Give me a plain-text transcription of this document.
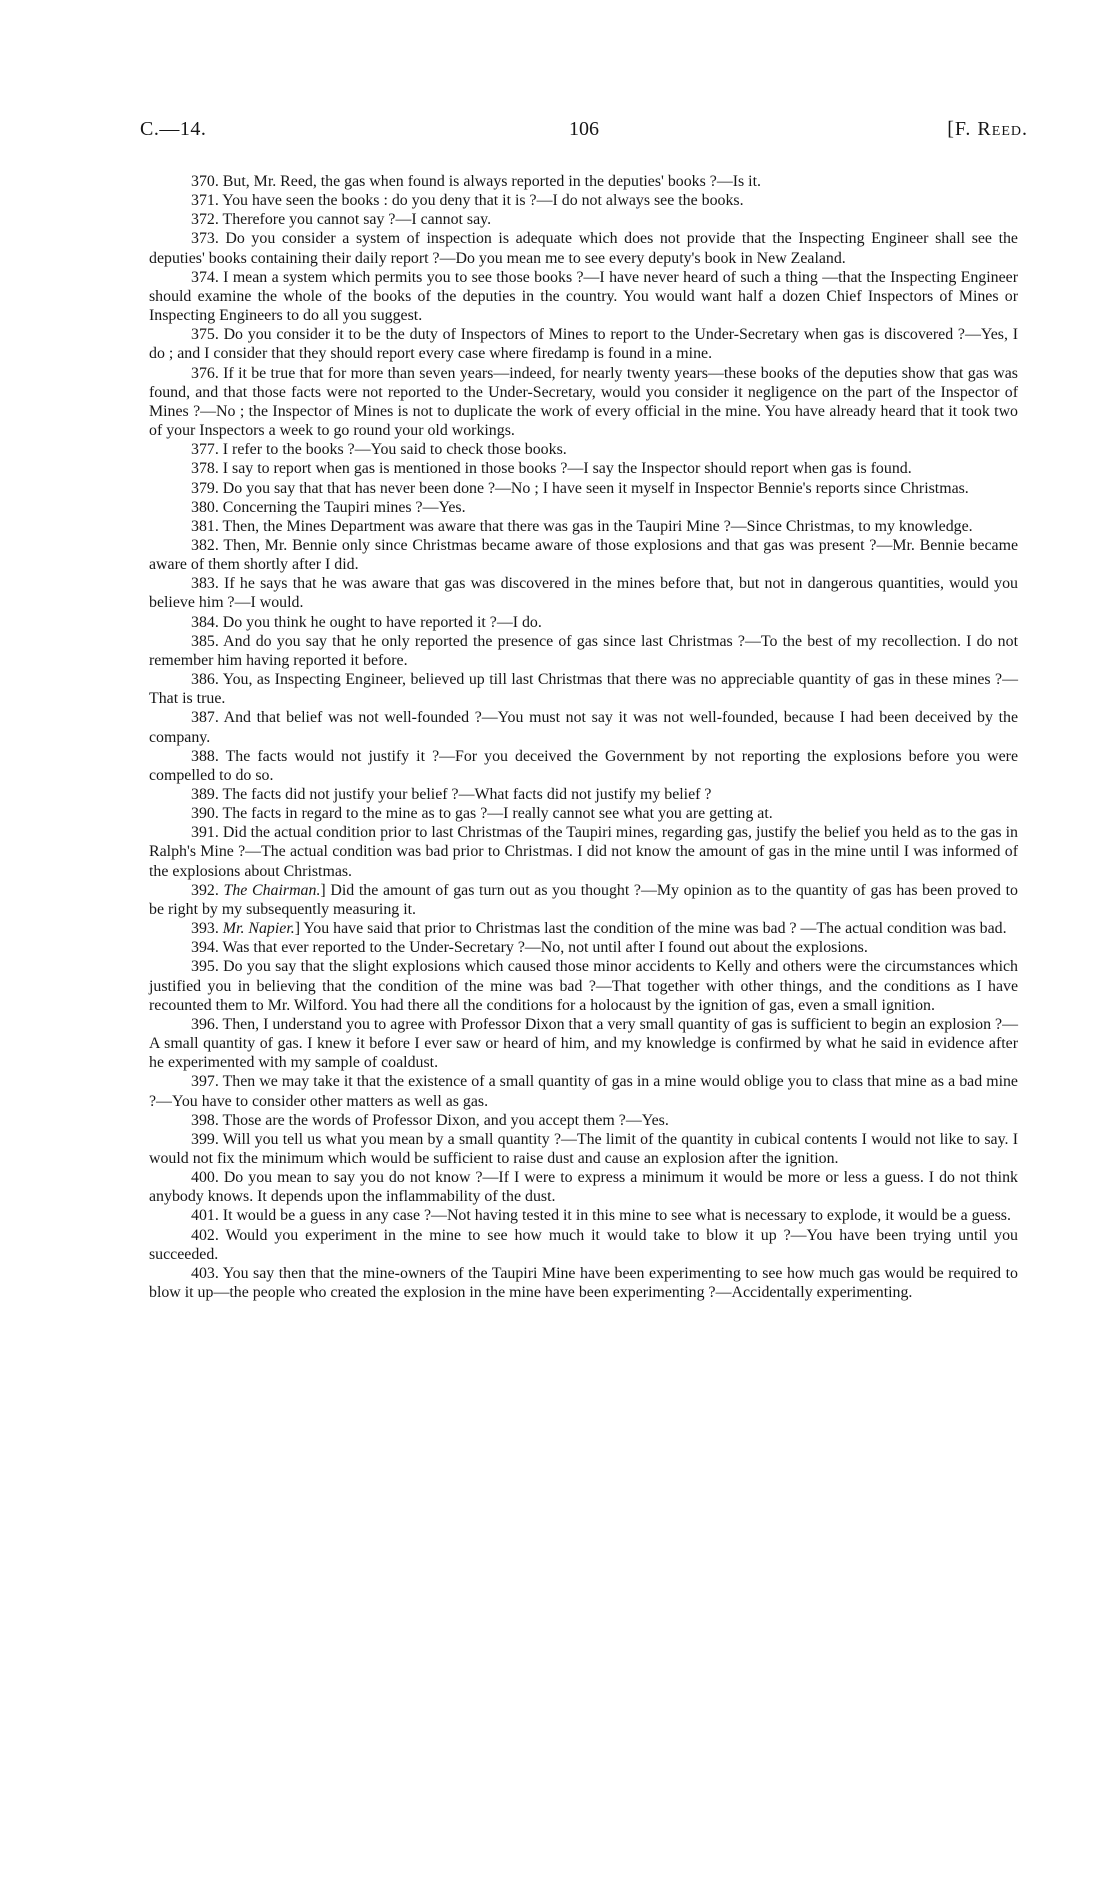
C.—14.	106	[F. Reed.

370. But, Mr. Reed, the gas when found is always reported in the deputies' books ?—Is it.

371. You have seen the books : do you deny that it is ?—I do not always see the books.

372. Therefore you cannot say ?—I cannot say.

373. Do you consider a system of inspection is adequate which does not provide that the Inspecting Engineer shall see the deputies' books containing their daily report ?—Do you mean me to see every deputy's book in New Zealand.

374. I mean a system which permits you to see those books ?—I have never heard of such a thing —that the Inspecting Engineer should examine the whole of the books of the deputies in the country. You would want half a dozen Chief Inspectors of Mines or Inspecting Engineers to do all you suggest.

375. Do you consider it to be the duty of Inspectors of Mines to report to the Under-Secretary when gas is discovered ?—Yes, I do ; and I consider that they should report every case where firedamp is found in a mine.

376. If it be true that for more than seven years—indeed, for nearly twenty years—these books of the deputies show that gas was found, and that those facts were not reported to the Under-Secretary, would you consider it negligence on the part of the Inspector of Mines ?—No ; the Inspector of Mines is not to duplicate the work of every official in the mine. You have already heard that it took two of your Inspectors a week to go round your old workings.

377. I refer to the books ?—You said to check those books.

378. I say to report when gas is mentioned in those books ?—I say the Inspector should report when gas is found.

379. Do you say that that has never been done ?—No ; I have seen it myself in Inspector Bennie's reports since Christmas.

380. Concerning the Taupiri mines ?—Yes.

381. Then, the Mines Department was aware that there was gas in the Taupiri Mine ?—Since Christmas, to my knowledge.

382. Then, Mr. Bennie only since Christmas became aware of those explosions and that gas was present ?—Mr. Bennie became aware of them shortly after I did.

383. If he says that he was aware that gas was discovered in the mines before that, but not in dangerous quantities, would you believe him ?—I would.

384. Do you think he ought to have reported it ?—I do.

385. And do you say that he only reported the presence of gas since last Christmas ?—To the best of my recollection. I do not remember him having reported it before.

386. You, as Inspecting Engineer, believed up till last Christmas that there was no appreciable quantity of gas in these mines ?—That is true.

387. And that belief was not well-founded ?—You must not say it was not well-founded, because I had been deceived by the company.

388. The facts would not justify it ?—For you deceived the Government by not reporting the explosions before you were compelled to do so.

389. The facts did not justify your belief ?—What facts did not justify my belief ?

390. The facts in regard to the mine as to gas ?—I really cannot see what you are getting at.

391. Did the actual condition prior to last Christmas of the Taupiri mines, regarding gas, justify the belief you held as to the gas in Ralph's Mine ?—The actual condition was bad prior to Christmas. I did not know the amount of gas in the mine until I was informed of the explosions about Christmas.

392. The Chairman.] Did the amount of gas turn out as you thought ?—My opinion as to the quantity of gas has been proved to be right by my subsequently measuring it.

393. Mr. Napier.] You have said that prior to Christmas last the condition of the mine was bad ? —The actual condition was bad.

394. Was that ever reported to the Under-Secretary ?—No, not until after I found out about the explosions.

395. Do you say that the slight explosions which caused those minor accidents to Kelly and others were the circumstances which justified you in believing that the condition of the mine was bad ?—That together with other things, and the conditions as I have recounted them to Mr. Wilford. You had there all the conditions for a holocaust by the ignition of gas, even a small ignition.

396. Then, I understand you to agree with Professor Dixon that a very small quantity of gas is sufficient to begin an explosion ?—A small quantity of gas. I knew it before I ever saw or heard of him, and my knowledge is confirmed by what he said in evidence after he experimented with my sample of coaldust.

397. Then we may take it that the existence of a small quantity of gas in a mine would oblige you to class that mine as a bad mine ?—You have to consider other matters as well as gas.

398. Those are the words of Professor Dixon, and you accept them ?—Yes.

399. Will you tell us what you mean by a small quantity ?—The limit of the quantity in cubical contents I would not like to say. I would not fix the minimum which would be sufficient to raise dust and cause an explosion after the ignition.

400. Do you mean to say you do not know ?—If I were to express a minimum it would be more or less a guess. I do not think anybody knows. It depends upon the inflammability of the dust.

401. It would be a guess in any case ?—Not having tested it in this mine to see what is necessary to explode, it would be a guess.

402. Would you experiment in the mine to see how much it would take to blow it up ?—You have been trying until you succeeded.

403. You say then that the mine-owners of the Taupiri Mine have been experimenting to see how much gas would be required to blow it up—the people who created the explosion in the mine have been experimenting ?—Accidentally experimenting.
